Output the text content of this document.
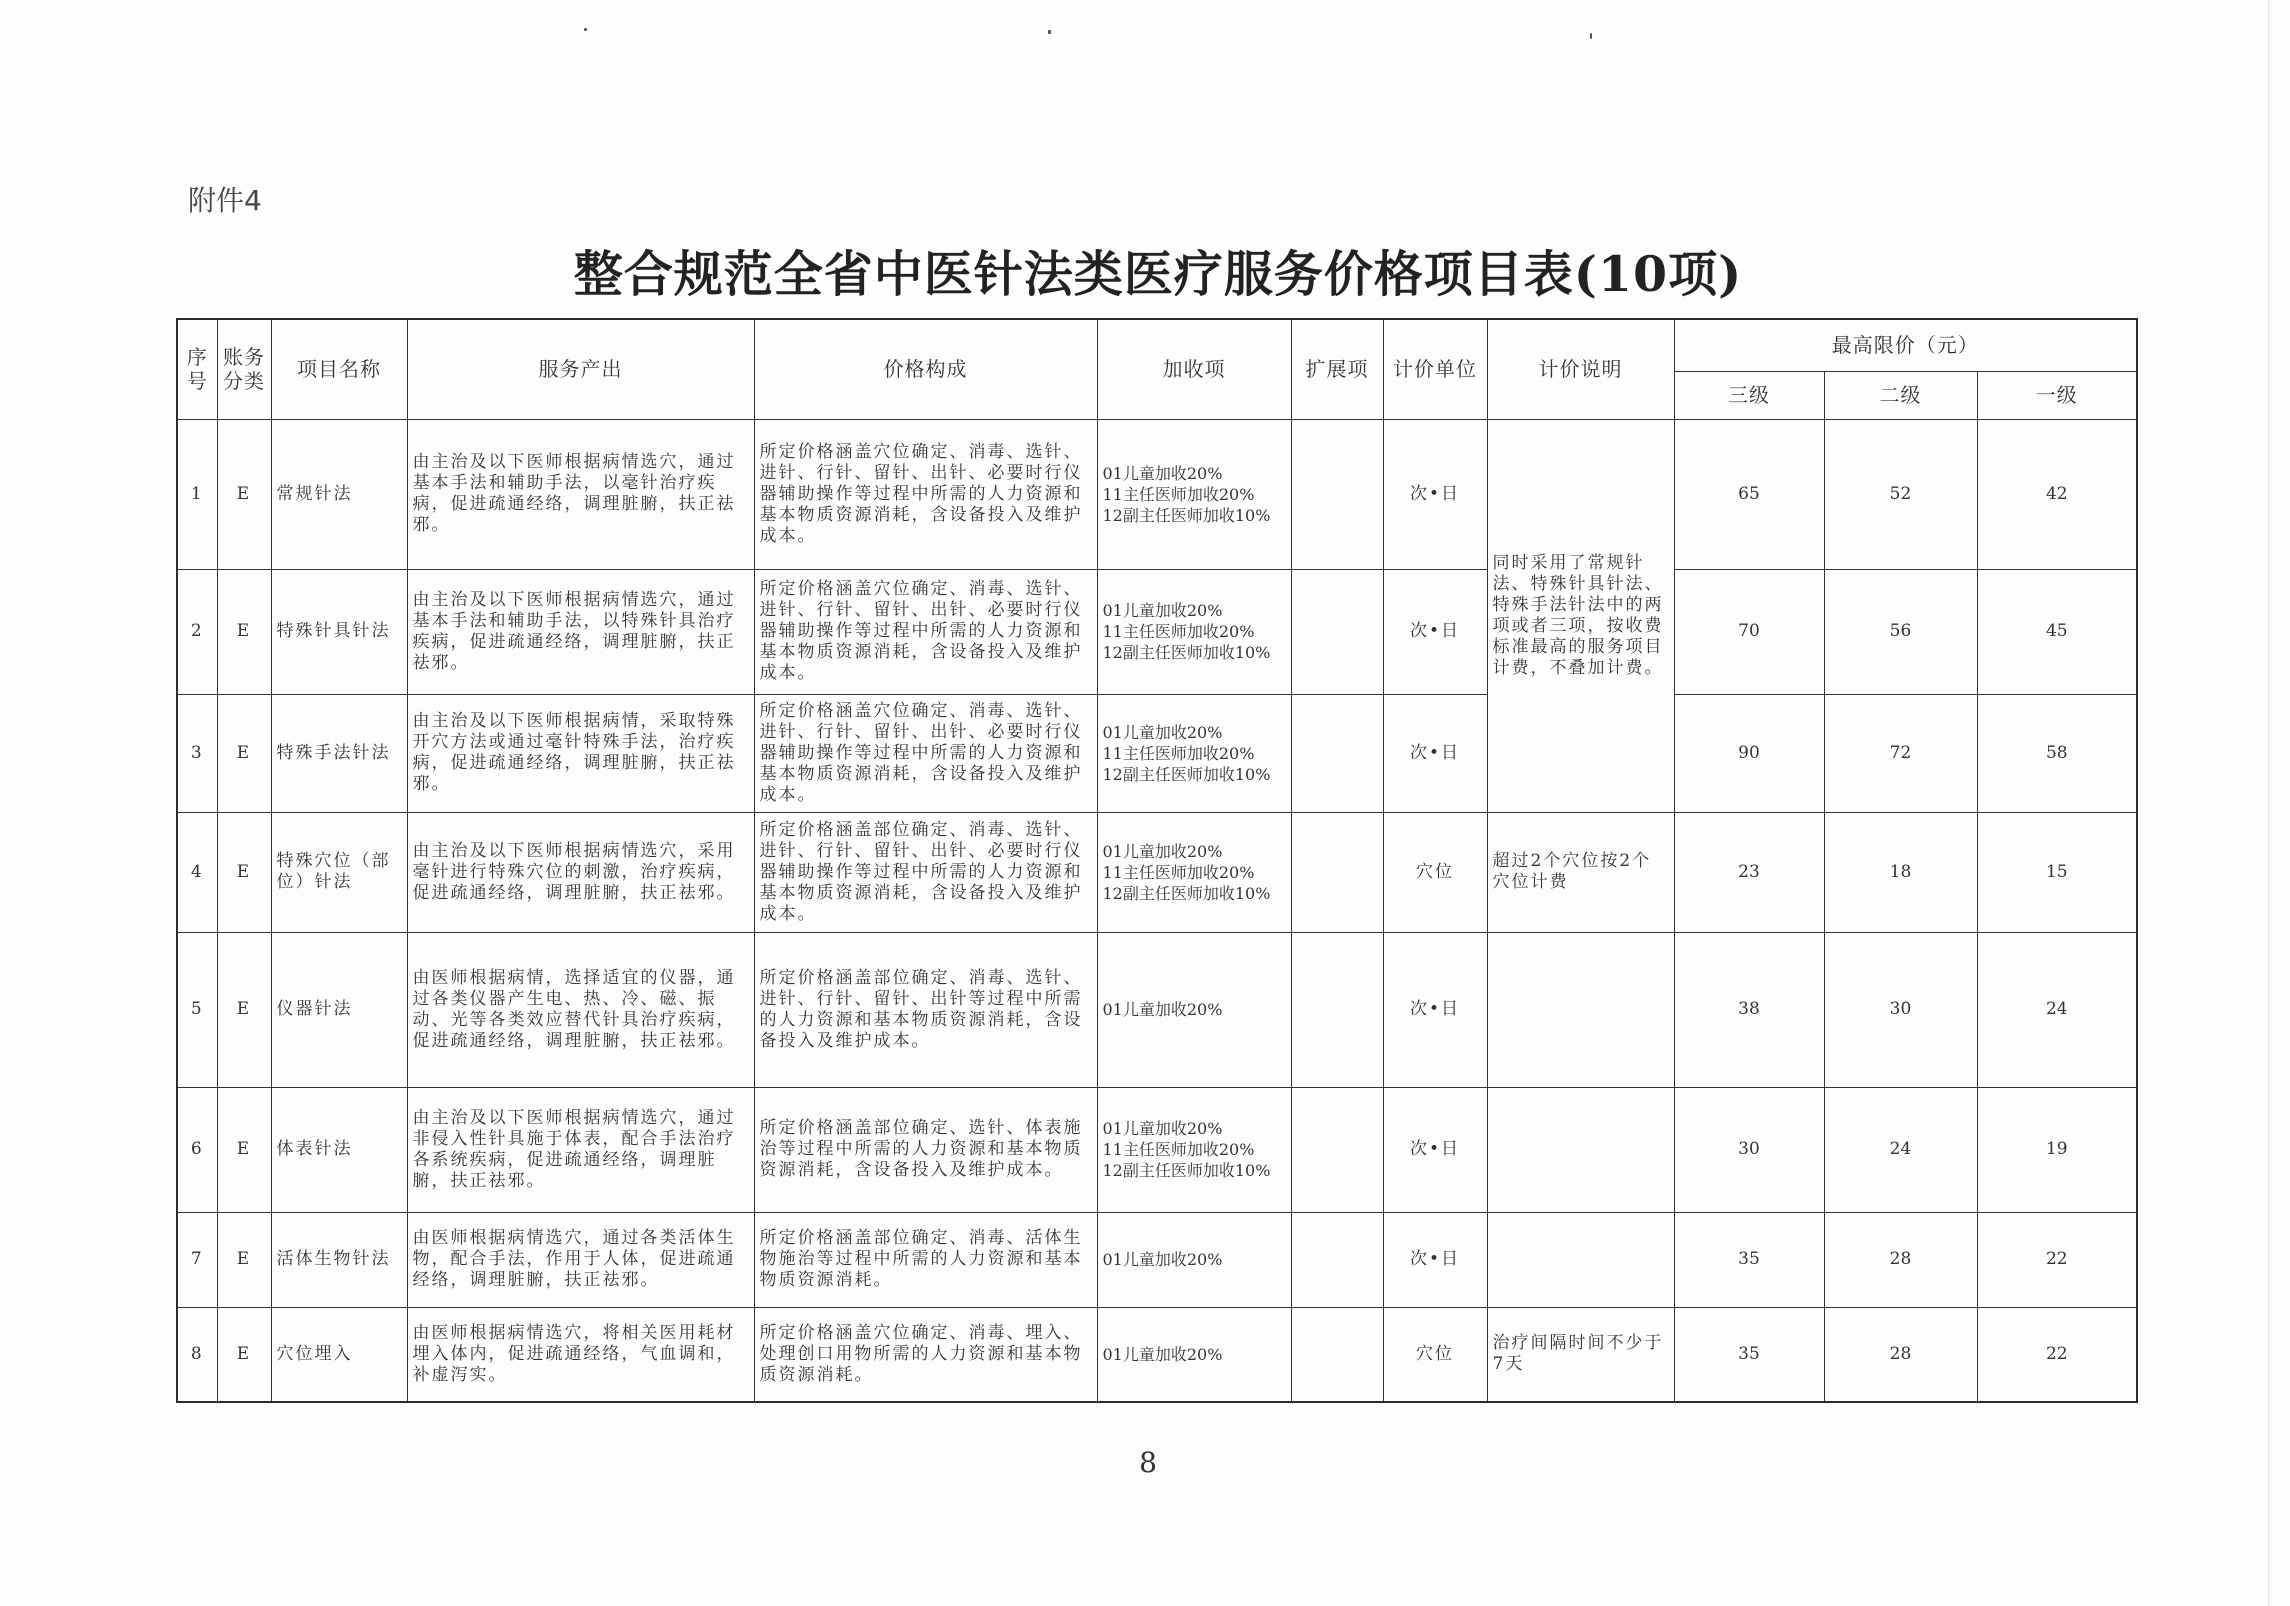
附件4
整合规范全省中医针法类医疗服务价格项目表(10项)
序号	账务分类	项目名称	服务产出	价格构成	加收项	扩展项	计价单位	计价说明	最高限价（元）		
									三级	二级	一级
1	E	常规针法	由主治及以下医师根据病情选穴，通过基本手法和辅助手法，以毫针治疗疾病，促进疏通经络，调理脏腑，扶正祛邪。	所定价格涵盖穴位确定、消毒、选针、进针、行针、留针、出针、必要时行仪器辅助操作等过程中所需的人力资源和基本物质资源消耗，含设备投入及维护成本。	01儿童加收20%
11主任医师加收20%
12副主任医师加收10%		次•日	同时采用了常规针法、特殊针具针法、特殊手法针法中的两项或者三项，按收费标准最高的服务项目计费，不叠加计费。	65	52	42
2	E	特殊针具针法	由主治及以下医师根据病情选穴，通过基本手法和辅助手法，以特殊针具治疗疾病，促进疏通经络，调理脏腑，扶正祛邪。	所定价格涵盖穴位确定、消毒、选针、进针、行针、留针、出针、必要时行仪器辅助操作等过程中所需的人力资源和基本物质资源消耗，含设备投入及维护成本。	01儿童加收20%
11主任医师加收20%
12副主任医师加收10%		次•日		70	56	45
3	E	特殊手法针法	由主治及以下医师根据病情，采取特殊开穴方法或通过毫针特殊手法，治疗疾病，促进疏通经络，调理脏腑，扶正祛邪。	所定价格涵盖穴位确定、消毒、选针、进针、行针、留针、出针、必要时行仪器辅助操作等过程中所需的人力资源和基本物质资源消耗，含设备投入及维护成本。	01儿童加收20%
11主任医师加收20%
12副主任医师加收10%		次•日		90	72	58
4	E	特殊穴位（部位）针法	由主治及以下医师根据病情选穴，采用毫针进行特殊穴位的刺激，治疗疾病，促进疏通经络，调理脏腑，扶正祛邪。	所定价格涵盖部位确定、消毒、选针、进针、行针、留针、出针、必要时行仪器辅助操作等过程中所需的人力资源和基本物质资源消耗，含设备投入及维护成本。	01儿童加收20%
11主任医师加收20%
12副主任医师加收10%		穴位	超过2个穴位按2个穴位计费	23	18	15
5	E	仪器针法	由医师根据病情，选择适宜的仪器，通过各类仪器产生电、热、冷、磁、振动、光等各类效应替代针具治疗疾病，促进疏通经络，调理脏腑，扶正祛邪。	所定价格涵盖部位确定、消毒、选针、进针、行针、留针、出针等过程中所需的人力资源和基本物质资源消耗，含设备投入及维护成本。	01儿童加收20%		次•日		38	30	24
6	E	体表针法	由主治及以下医师根据病情选穴，通过非侵入性针具施于体表，配合手法治疗各系统疾病，促进疏通经络，调理脏腑，扶正祛邪。	所定价格涵盖部位确定、选针、体表施治等过程中所需的人力资源和基本物质资源消耗，含设备投入及维护成本。	01儿童加收20%
11主任医师加收20%
12副主任医师加收10%		次•日		30	24	19
7	E	活体生物针法	由医师根据病情选穴，通过各类活体生物，配合手法，作用于人体，促进疏通经络，调理脏腑，扶正祛邪。	所定价格涵盖部位确定、消毒、活体生物施治等过程中所需的人力资源和基本物质资源消耗。	01儿童加收20%		次•日		35	28	22
8	E	穴位埋入	由医师根据病情选穴，将相关医用耗材埋入体内，促进疏通经络，气血调和，补虚泻实。	所定价格涵盖穴位确定、消毒、埋入、处理创口用物所需的人力资源和基本物质资源消耗。	01儿童加收20%		穴位	治疗间隔时间不少于7天	35	28	22
8
